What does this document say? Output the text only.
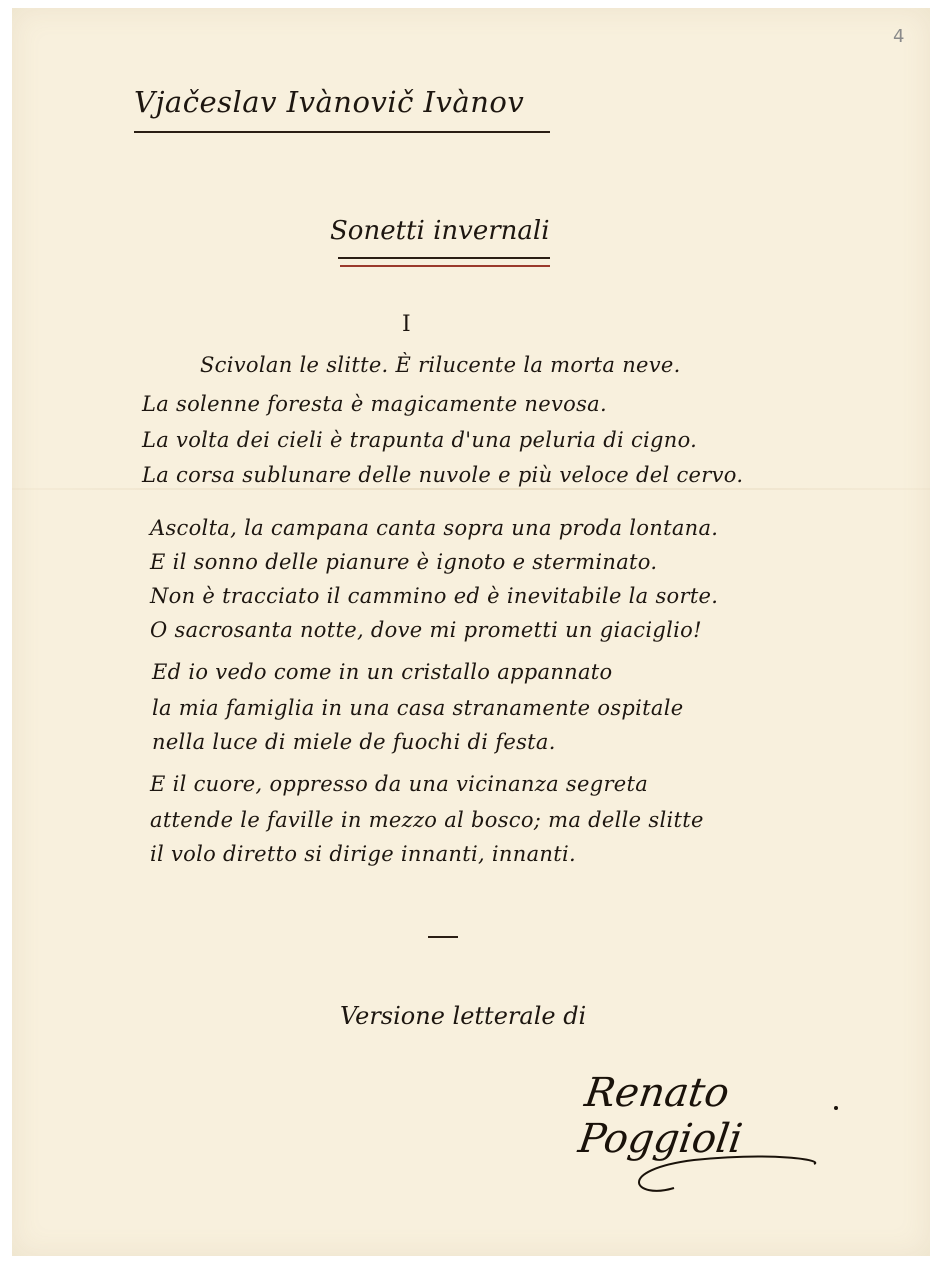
4
Vjačeslav Ivànovič Ivànov
Sonetti invernali
I
Scivolan le slitte. È rilucente la morta neve.
La solenne foresta è magicamente nevosa.
La volta dei cieli è trapunta d'una peluria di cigno.
La corsa sublunare delle nuvole e più veloce del cervo.
Ascolta, la campana canta sopra una proda lontana.
E il sonno delle pianure è ignoto e sterminato.
Non è tracciato il cammino ed è inevitabile la sorte.
O sacrosanta notte, dove mi prometti un giaciglio!
Ed io vedo come in un cristallo appannato
la mia famiglia in una casa stranamente ospitale
nella luce di miele de fuochi di festa.
E il cuore, oppresso da una vicinanza segreta
attende le faville in mezzo al bosco; ma delle slitte
il volo diretto si dirige innanti, innanti.
Versione letterale di
Renato Poggioli
